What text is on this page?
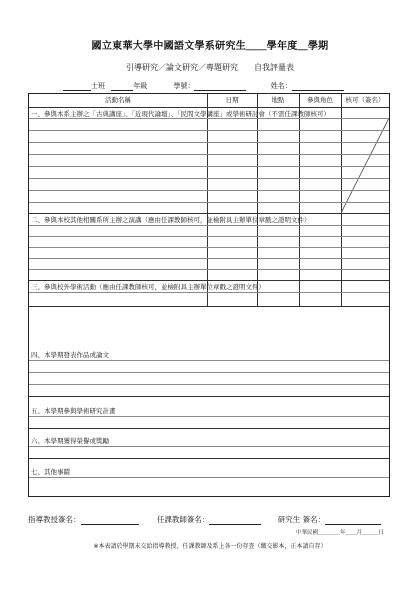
國立東華大學中國語文學系研究生＿＿學年度＿學期
引導研究／論文研究／專題研究　　自我評量表
士班	年級	學號：	姓名：
活動名稱	日期	地點	參與角色	核可（簽名）
一、參與本系主辦之「古典講座」、「近現代論壇」、「民間文學講座」或學術研討會（不需任課教師核可）
二、參與本校其他相關系所主辦之演講（應由任課教師核可，並檢附具主辦單位章戳之證明文件）
三、參與校外學術活動（應由任課教師核可，並檢附具主辦單位章戳之證明文件）
四、本學期發表作品或論文
五、本學期參與學術研究計畫
六、本學期獲得榮譽或獎勵
七、其他事蹟
指導教授簽名：	任課教師簽名：	研究生 簽名：
中華民國＿＿＿＿年＿＿月＿＿＿日
※本表請於學期末交給指導教授、任課教師及系上各一份存查（繳交影本，正本請自存）
